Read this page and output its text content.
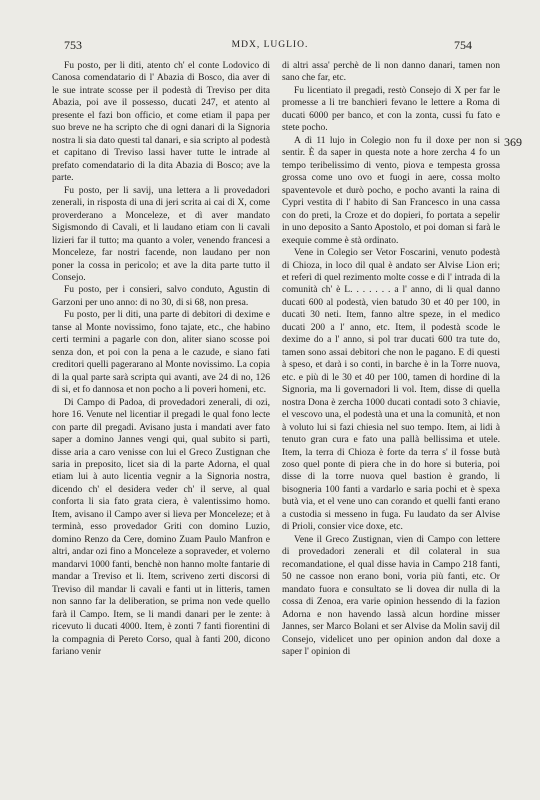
753	MDX, LUGLIO.	754

Fu posto, per li diti, atento ch' el conte Lodovico di Canosa comendatario di l' Abazia di Bosco, dia aver di le sue intrate scosse per il podestà di Treviso per dita Abazia, poi ave il possesso, ducati 247, et atento al presente el fazi bon officio, et come etiam il papa per suo breve ne ha scripto che di ogni danari di la Signoria nostra li sia dato questi tal danari, e sia scripto al podestà et capitano di Treviso lassi haver tutte le intrade al prefato comendatario di la dita Abazia di Bosco; ave la parte.

Fu posto, per li savij, una lettera a li provedadori zenerali, in risposta di una di jeri scrita ai cai di X, come proverderano a Monceleze, et dì aver mandato Sigismondo di Cavali, et li laudano etiam con li cavali lizieri far il tutto; ma quanto a voler, venendo francesi a Monceleze, far nostri facende, non laudano per non poner la cossa in pericolo; et ave la dita parte tutto il Consejo.

Fu posto, per i consieri, salvo conduto, Agustin di Garzoni per uno anno: di no 30, di si 68, non presa.

Fu posto, per li diti, una parte di debitori di dexime e tanse al Monte novissimo, fono tajate, etc., che habino certi termini a pagarle con don, aliter siano scosse poi senza don, et poi con la pena a le cazude, e siano fati creditori quelli pagerarano al Monte novissimo. La copia di la qual parte sarà scripta qui avanti, ave 24 di no, 126 di si, et fo dannosa et non pocho a li poveri homeni, etc.

Di Campo di Padoa, di provedadori zenerali, di ozi, hore 16. Venute nel licentiar il pregadi le qual fono lecte con parte dil pregadi. Avisano justa i mandati aver fato saper a domino Jannes vengi qui, qual subito si partì, disse aria a caro venisse con lui el Greco Zustignan che saria in preposito, licet sia di la parte Adorna, el qual etiam lui à auto licentia vegnir a la Signoria nostra, dicendo ch' el desidera veder ch' il serve, al qual conforta li sia fato grata ciera, è valentissimo homo. Item, avisano il Campo aver si lieva per Monceleze; et à terminà, esso provedador Griti con domino Luzio, domino Renzo da Cere, domino Zuam Paulo Manfron e altri, andar ozi fino a Monceleze a sopraveder, et volerno mandarvi 1000 fanti, benchè non hanno molte fantarie di mandar a Treviso et li. Item, scriveno zerti discorsi di Treviso dil mandar li cavali e fanti ut in litteris, tamen non sanno far la deliberation, se prima non vede quello farà il Campo. Item, se li mandi danari per le zente: à ricevuto li ducati 4000. Item, è zonti 7 fanti fiorentini di la compagnia di Pereto Corso, qual à fanti 200, dicono fariano venir

di altri assa' perchè de li non danno danari, tamen non sano che far, etc.

Fu licentiato il pregadi, restò Consejo di X per far le promesse a li tre banchieri fevano le lettere a Roma di ducati 6000 per banco, et con la zonta, cussi fu fato e stete pocho.

A dì 11 lujo in Colegio non fu il doxe per non si sentir. È da saper in questa note a hore zercha 4 fo un tempo teribelissimo di vento, piova e tempesta grossa grossa come uno ovo et fuogi in aere, cossa molto spaventevole et durò pocho, e pocho avanti la raina di Cypri vestita di l' habito di San Francesco in una cassa con do preti, la Croze et do dopieri, fo portata a sepelir in uno deposito a Santo Apostolo, et poi doman si farà le exequie comme è stà ordinato.

Vene in Colegio ser Vetor Foscarini, venuto podestà di Chioza, in loco dil qual è andato ser Alvise Lion eri; et referì di quel rezimento molte cosse e di l' intrada di la comunità ch' è L. . . . . . . a l' anno, di li qual danno ducati 600 al podestà, vien batudo 30 et 40 per 100, in ducati 30 neti. Item, fanno altre speze, in el medico ducati 200 a l' anno, etc. Item, il podestà scode le dexime do a l' anno, si pol trar ducati 600 tra tute do, tamen sono assai debitori che non le pagano. E di questi à speso, et darà i so conti, in barche è in la Torre nuova, etc. e più di le 30 et 40 per 100, tamen di hordine di la Signoria, ma li governadori li vol. Item, disse di quella nostra Dona è zercha 1000 ducati contadi soto 3 chiavie, el vescovo una, el podestà una et una la comunità, et non à voluto lui si fazi chiesia nel suo tempo. Item, ai lidi à tenuto gran cura e fato una pallà bellissima et utele. Item, la terra di Chioza è forte da terra s' il fosse butà zoso quel ponte di piera che in do hore si buteria, poi disse di la torre nuova quel bastion è grando, li bisogneria 100 fanti a vardarlo e saria pochi et è spexa butà via, et el vene uno can corando et quelli fanti erano a custodia si messeno in fuga. Fu laudato da ser Alvise di Prioli, consier vice doxe, etc.

Vene il Greco Zustignan, vien di Campo con lettere di provedadori zenerali et dil colateral in sua recomandatione, el qual disse havia in Campo 218 fanti, 50 ne cassoe non erano boni, voria più fanti, etc. Or mandato fuora e consultato se li dovea dir nulla di la cossa di Zenoa, era varie opinion hessendo di la fazion Adorna e non havendo lassà alcun hordine misser Jannes, ser Marco Bolani et ser Alvise da Molin savij dil Consejo, videlicet uno per opinion andon dal doxe a saper l' opinion di

369
